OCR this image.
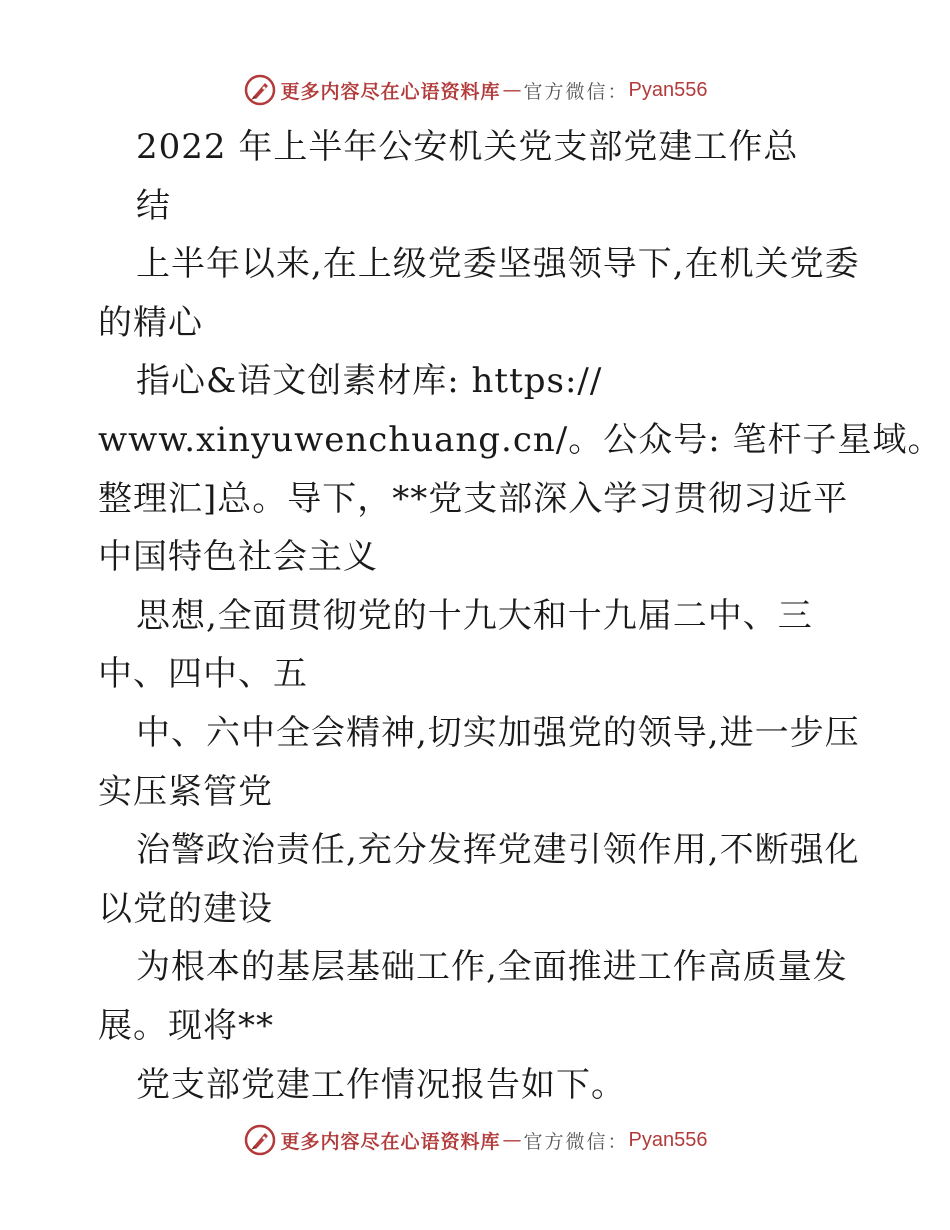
更多内容尽在心语资料库 — 官方微信： Pyan556
2022 年上半年公安机关党支部党建工作总
结
上半年以来,在上级党委坚强领导下,在机关党委
的精心
指心&语文创素材库: https://
www.xinyuwenchuang.cn/。公众号: 笔杆子星域。
整理汇]总。导下，**党支部深入学习贯彻习近平
中国特色社会主义
思想,全面贯彻党的十九大和十九届二中、三
中、四中、五
中、六中全会精神,切实加强党的领导,进一步压
实压紧管党
治警政治责任,充分发挥党建引领作用,不断强化
以党的建设
为根本的基层基础工作,全面推进工作高质量发
展。现将**
党支部党建工作情况报告如下。
更多内容尽在心语资料库 — 官方微信： Pyan556
